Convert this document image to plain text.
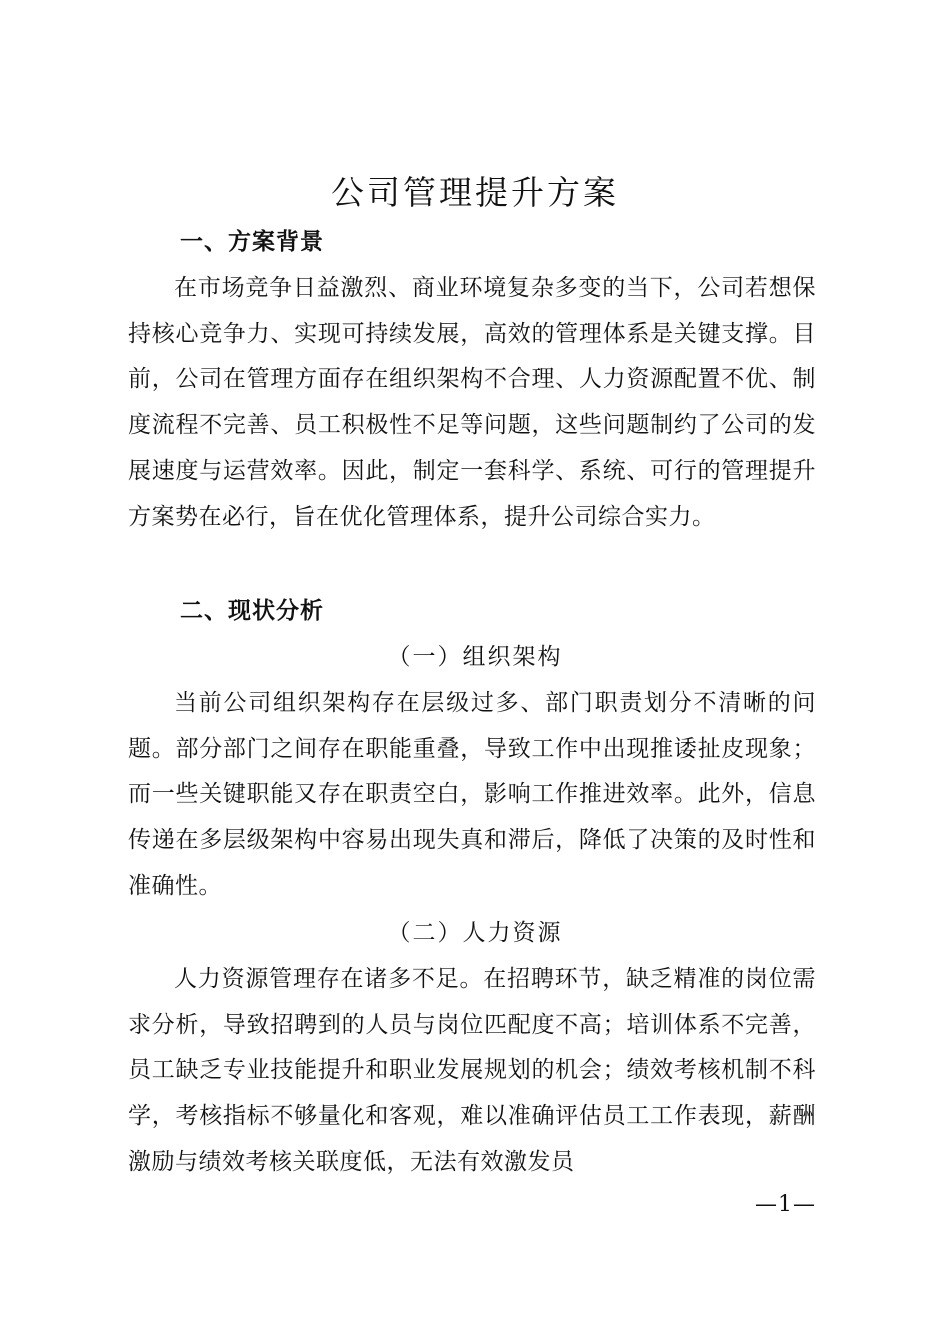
公司管理提升方案
一、方案背景

在市场竞争日益激烈、商业环境复杂多变的当下，公司若想保持核心竞争力、实现可持续发展，高效的管理体系是关键支撑。目前，公司在管理方面存在组织架构不合理、人力资源配置不优、制度流程不完善、员工积极性不足等问题，这些问题制约了公司的发展速度与运营效率。因此，制定一套科学、系统、可行的管理提升方案势在必行，旨在优化管理体系，提升公司综合实力。

二、现状分析
（一）组织架构

当前公司组织架构存在层级过多、部门职责划分不清晰的问题。部分部门之间存在职能重叠，导致工作中出现推诿扯皮现象；而一些关键职能又存在职责空白，影响工作推进效率。此外，信息传递在多层级架构中容易出现失真和滞后，降低了决策的及时性和准确性。

（二）人力资源

人力资源管理存在诸多不足。在招聘环节，缺乏精准的岗位需求分析，导致招聘到的人员与岗位匹配度不高；培训体系不完善，员工缺乏专业技能提升和职业发展规划的机会；绩效考核机制不科学，考核指标不够量化和客观，难以准确评估员工工作表现，薪酬激励与绩效考核关联度低，无法有效激发员

—1—
